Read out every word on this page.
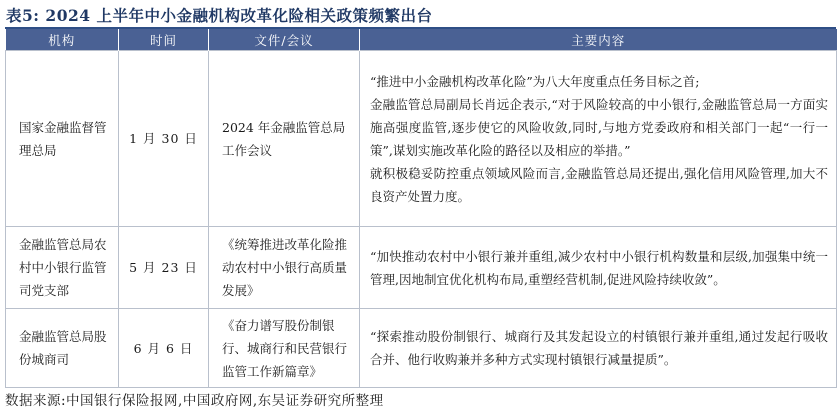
表5: 2024 上半年中小金融机构改革化险相关政策频繁出台
机构	时间	文件/会议	主要内容
国家金融监督管理总局	1 月 30 日	2024 年金融监管总局工作会议	“推进中小金融机构改革化险”为八大年度重点任务目标之首;
金融监管总局副局长肖远企表示,“对于风险较高的中小银行,金融监管总局一方面实施高强度监管,逐步使它的风险收敛,同时,与地方党委政府和相关部门一起“一行一策”,谋划实施改革化险的路径以及相应的举措。”
就积极稳妥防控重点领域风险而言,金融监管总局还提出,强化信用风险管理,加大不良资产处置力度。

金融监管总局农村中小银行监管司党支部	5 月 23 日	《统筹推进改革化险推动农村中小银行高质量发展》	“加快推动农村中小银行兼并重组,减少农村中小银行机构数量和层级,加强集中统一管理,因地制宜优化机构布局,重塑经营机制,促进风险持续收敛”。

金融监管总局股份城商司	6 月 6 日	《奋力谱写股份制银行、城商行和民营银行监管工作新篇章》	“探索推动股份制银行、城商行及其发起设立的村镇银行兼并重组,通过发起行吸收合并、他行收购兼并多种方式实现村镇银行减量提质”。
数据来源:中国银行保险报网,中国政府网,东吴证券研究所整理
